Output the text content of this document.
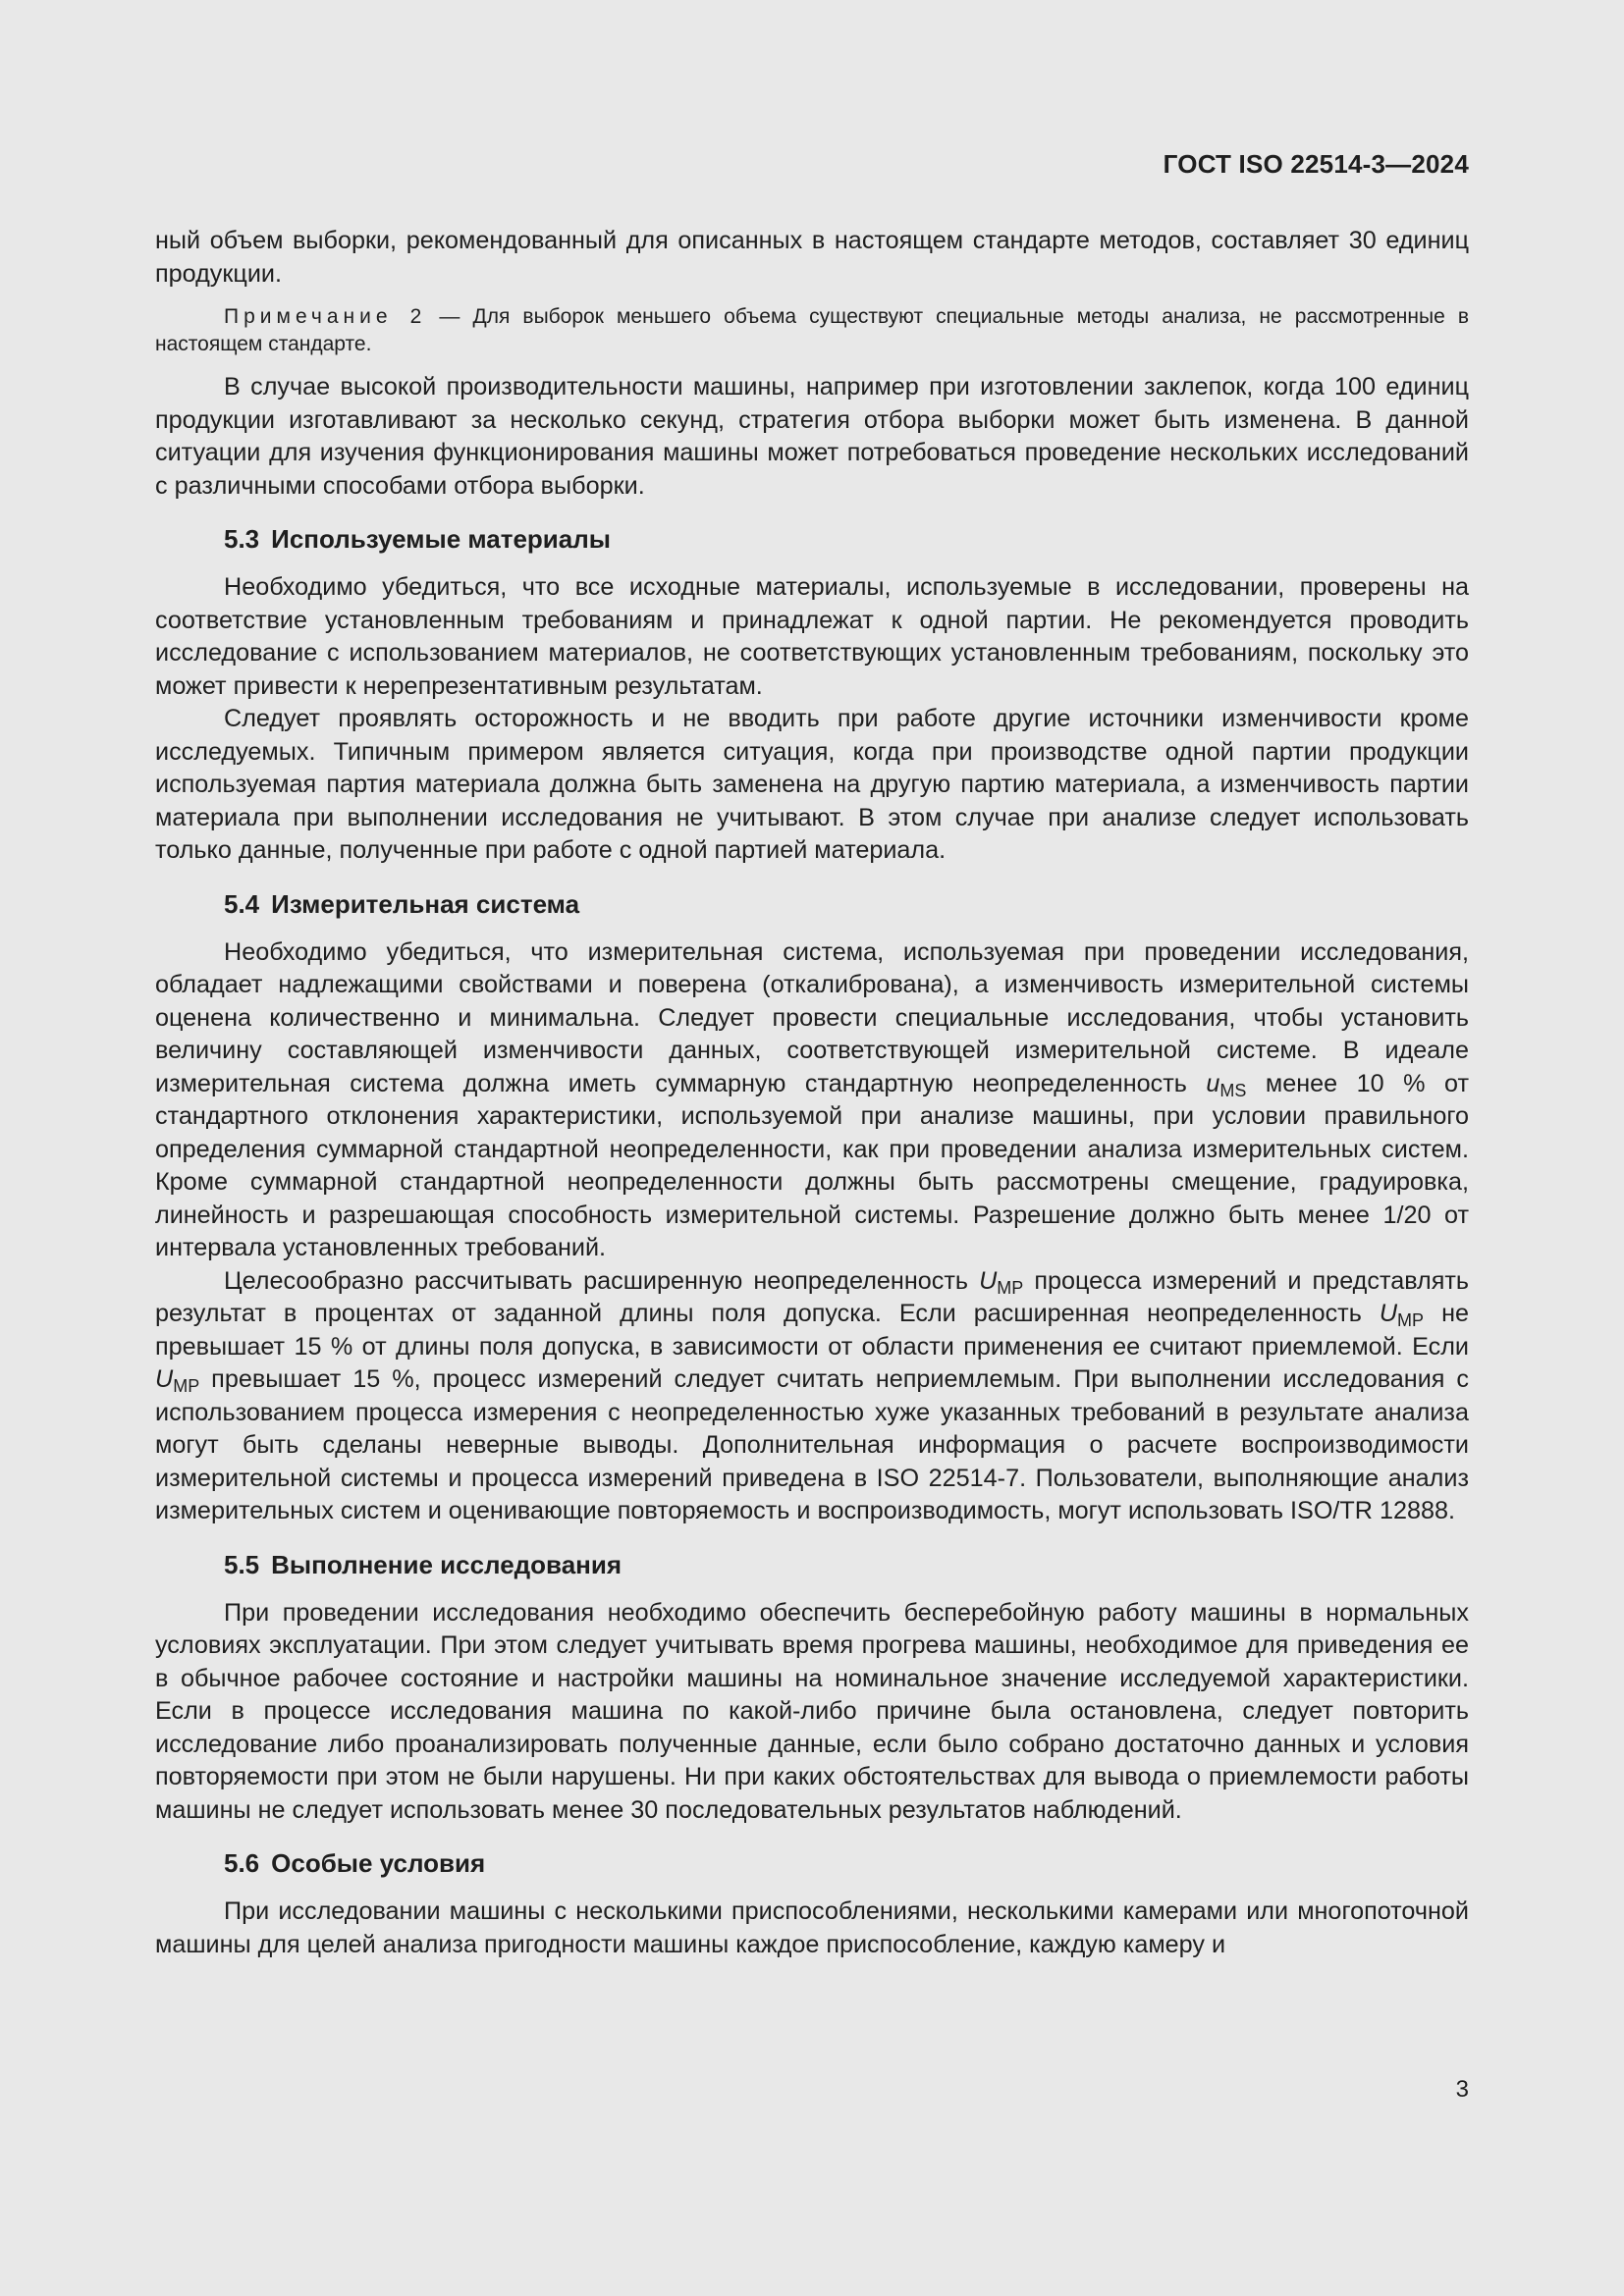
ГОСТ ISO 22514-3—2024

ный объем выборки, рекомендованный для описанных в настоящем стандарте методов, составляет 30 единиц продукции.

Примечание 2 — Для выборок меньшего объема существуют специальные методы анализа, не рассмотренные в настоящем стандарте.

В случае высокой производительности машины, например при изготовлении заклепок, когда 100 единиц продукции изготавливают за несколько секунд, стратегия отбора выборки может быть изменена. В данной ситуации для изучения функционирования машины может потребоваться проведение нескольких исследований с различными способами отбора выборки.

5.3 Используемые материалы

Необходимо убедиться, что все исходные материалы, используемые в исследовании, проверены на соответствие установленным требованиям и принадлежат к одной партии. Не рекомендуется проводить исследование с использованием материалов, не соответствующих установленным требованиям, поскольку это может привести к нерепрезентативным результатам.

Следует проявлять осторожность и не вводить при работе другие источники изменчивости кроме исследуемых. Типичным примером является ситуация, когда при производстве одной партии продукции используемая партия материала должна быть заменена на другую партию материала, а изменчивость партии материала при выполнении исследования не учитывают. В этом случае при анализе следует использовать только данные, полученные при работе с одной партией материала.

5.4 Измерительная система

Необходимо убедиться, что измерительная система, используемая при проведении исследования, обладает надлежащими свойствами и поверена (откалибрована), а изменчивость измерительной системы оценена количественно и минимальна. Следует провести специальные исследования, чтобы установить величину составляющей изменчивости данных, соответствующей измерительной системе. В идеале измерительная система должна иметь суммарную стандартную неопределенность $u_{MS}$ менее 10 % от стандартного отклонения характеристики, используемой при анализе машины, при условии правильного определения суммарной стандартной неопределенности, как при проведении анализа измерительных систем. Кроме суммарной стандартной неопределенности должны быть рассмотрены смещение, градуировка, линейность и разрешающая способность измерительной системы. Разрешение должно быть менее 1/20 от интервала установленных требований.

Целесообразно рассчитывать расширенную неопределенность $U_{MP}$ процесса измерений и представлять результат в процентах от заданной длины поля допуска. Если расширенная неопределенность $U_{MP}$ не превышает 15 % от длины поля допуска, в зависимости от области применения ее считают приемлемой. Если $U_{MP}$ превышает 15 %, процесс измерений следует считать неприемлемым. При выполнении исследования с использованием процесса измерения с неопределенностью хуже указанных требований в результате анализа могут быть сделаны неверные выводы. Дополнительная информация о расчете воспроизводимости измерительной системы и процесса измерений приведена в ISO 22514-7. Пользователи, выполняющие анализ измерительных систем и оценивающие повторяемость и воспроизводимость, могут использовать ISO/TR 12888.

5.5 Выполнение исследования

При проведении исследования необходимо обеспечить бесперебойную работу машины в нормальных условиях эксплуатации. При этом следует учитывать время прогрева машины, необходимое для приведения ее в обычное рабочее состояние и настройки машины на номинальное значение исследуемой характеристики. Если в процессе исследования машина по какой-либо причине была остановлена, следует повторить исследование либо проанализировать полученные данные, если было собрано достаточно данных и условия повторяемости при этом не были нарушены. Ни при каких обстоятельствах для вывода о приемлемости работы машины не следует использовать менее 30 последовательных результатов наблюдений.

5.6 Особые условия

При исследовании машины с несколькими приспособлениями, несколькими камерами или многопоточной машины для целей анализа пригодности машины каждое приспособление, каждую камеру и

3
